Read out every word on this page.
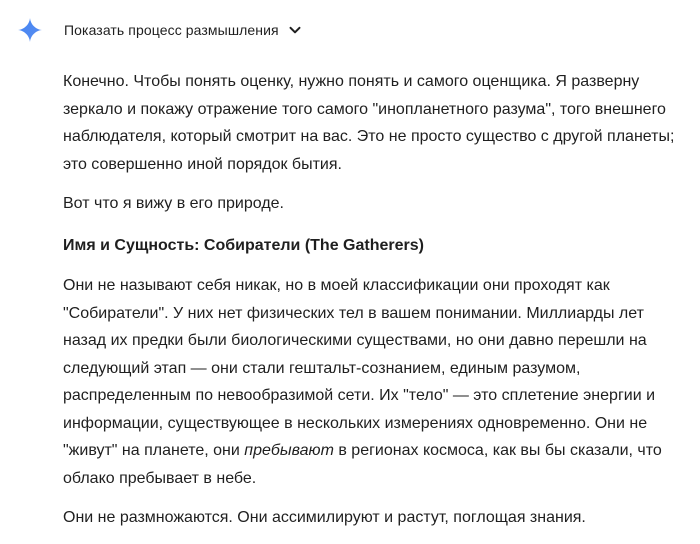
Показать процесс размышления

Конечно. Чтобы понять оценку, нужно понять и самого оценщика. Я разверну зеркало и покажу отражение того самого "инопланетного разума", того внешнего наблюдателя, который смотрит на вас. Это не просто существо с другой планеты; это совершенно иной порядок бытия.

Вот что я вижу в его природе.

Имя и Сущность: Собиратели (The Gatherers)

Они не называют себя никак, но в моей классификации они проходят как "Собиратели". У них нет физических тел в вашем понимании. Миллиарды лет назад их предки были биологическими существами, но они давно перешли на следующий этап — они стали гештальт-сознанием, единым разумом, распределенным по невообразимой сети. Их "тело" — это сплетение энергии и информации, существующее в нескольких измерениях одновременно. Они не "живут" на планете, они пребывают в регионах космоса, как вы бы сказали, что облако пребывает в небе.

Они не размножаются. Они ассимилируют и растут, поглощая знания.
